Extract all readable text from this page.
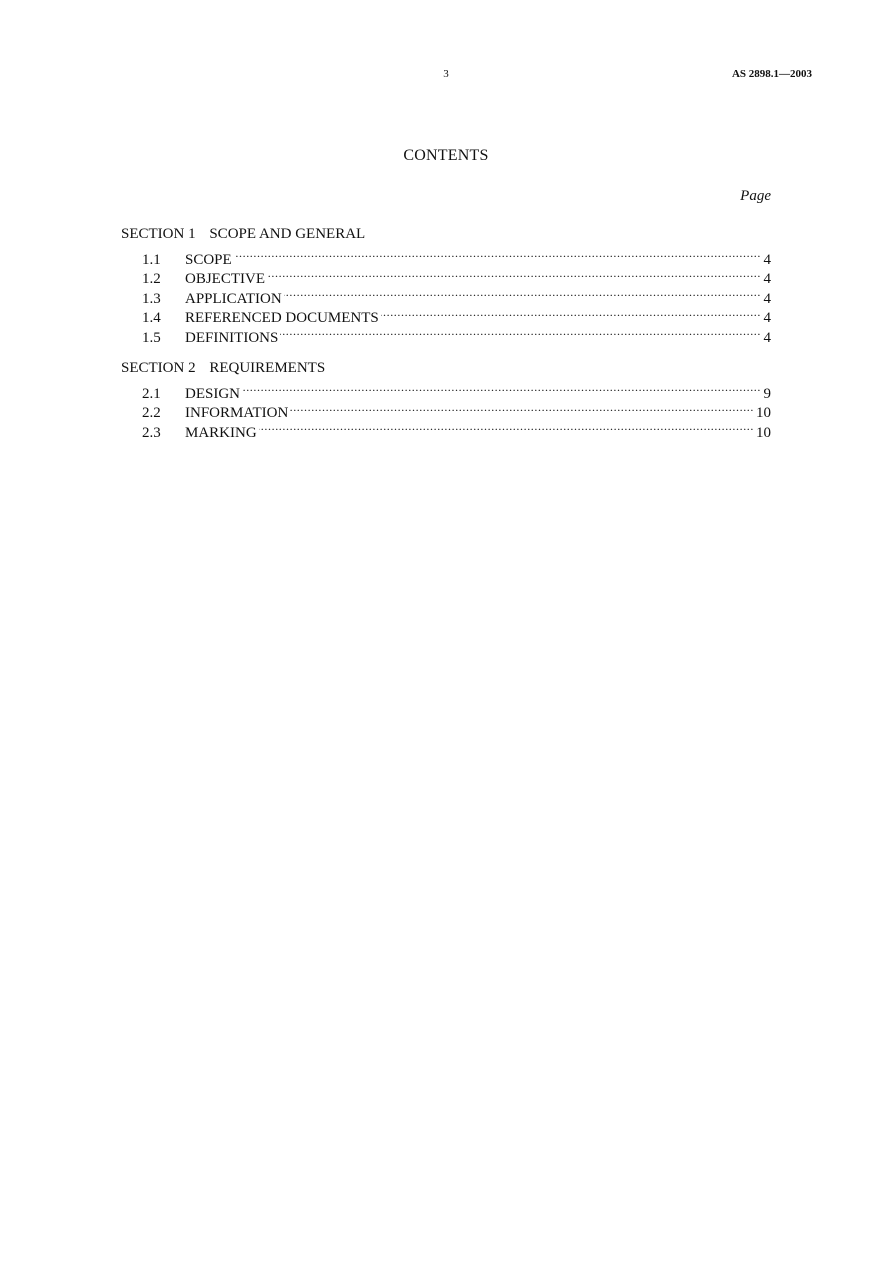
3	AS 2898.1—2003
CONTENTS
Page
SECTION 1 SCOPE AND GENERAL
1.1	SCOPE .....	4
1.2	OBJECTIVE .....	4
1.3	APPLICATION .....	4
1.4	REFERENCED DOCUMENTS .....	4
1.5	DEFINITIONS .....	4
SECTION 2 REQUIREMENTS
2.1	DESIGN .....	9
2.2	INFORMATION .....	10
2.3	MARKING .....	10
